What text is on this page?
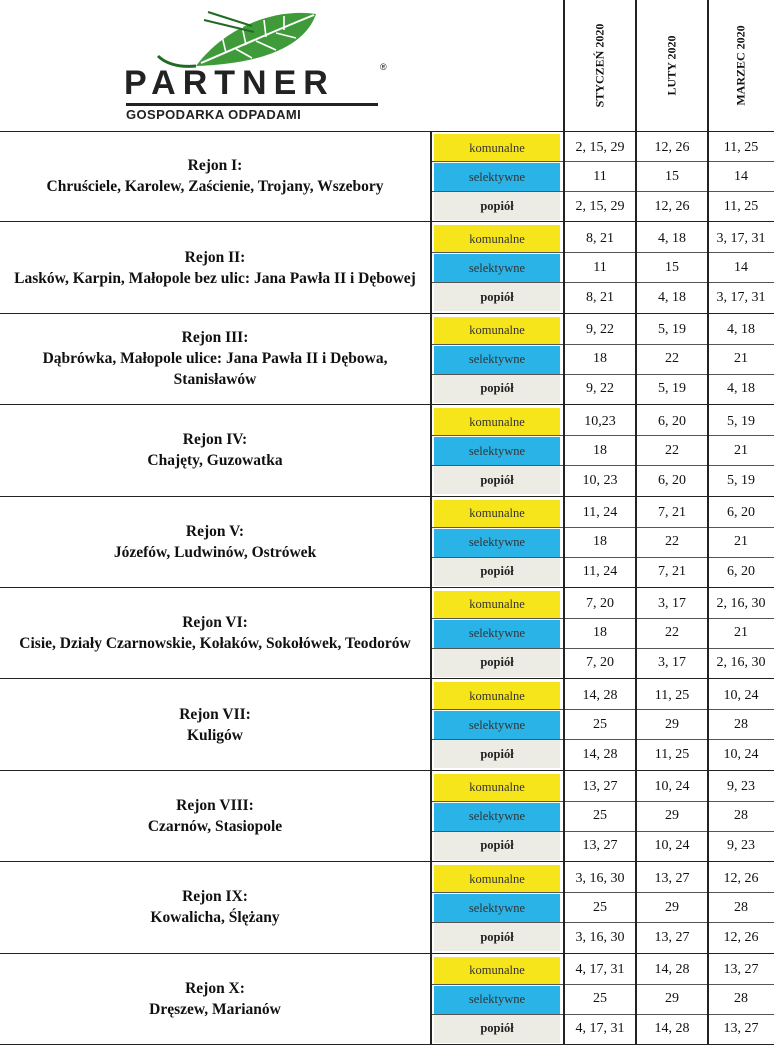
PARTNER	®
GOSPODARKA ODPADAMI
STYCZEŃ 2020	LUTY 2020	MARZEC 2020
Rejon I:
Chruściele, Karolew, Zaścienie, Trojany, Wszebory
komunalne	2, 15, 29	12, 26	11, 25
selektywne	11	15	14
popiół	2, 15, 29	12, 26	11, 25
Rejon II:
Lasków, Karpin, Małopole bez ulic: Jana Pawła II i Dębowej
komunalne	8, 21	4, 18	3, 17, 31
selektywne	11	15	14
popiół	8, 21	4, 18	3, 17, 31
Rejon III:
Dąbrówka, Małopole ulice: Jana Pawła II i Dębowa, Stanisławów
komunalne	9, 22	5, 19	4, 18
selektywne	18	22	21
popiół	9, 22	5, 19	4, 18
Rejon IV:
Chajęty, Guzowatka
komunalne	10,23	6, 20	5, 19
selektywne	18	22	21
popiół	10, 23	6, 20	5, 19
Rejon V:
Józefów, Ludwinów, Ostrówek
komunalne	11, 24	7, 21	6, 20
selektywne	18	22	21
popiół	11, 24	7, 21	6, 20
Rejon VI:
Cisie, Działy Czarnowskie, Kołaków, Sokołówek, Teodorów
komunalne	7, 20	3, 17	2, 16, 30
selektywne	18	22	21
popiół	7, 20	3, 17	2, 16, 30
Rejon VII:
Kuligów
komunalne	14, 28	11, 25	10, 24
selektywne	25	29	28
popiół	14, 28	11, 25	10, 24
Rejon VIII:
Czarnów, Stasiopole
komunalne	13, 27	10, 24	9, 23
selektywne	25	29	28
popiół	13, 27	10, 24	9, 23
Rejon IX:
Kowalicha, Ślężany
komunalne	3, 16, 30	13, 27	12, 26
selektywne	25	29	28
popiół	3, 16, 30	13, 27	12, 26
Rejon X:
Dręszew, Marianów
komunalne	4, 17, 31	14, 28	13, 27
selektywne	25	29	28
popiół	4, 17, 31	14, 28	13, 27
